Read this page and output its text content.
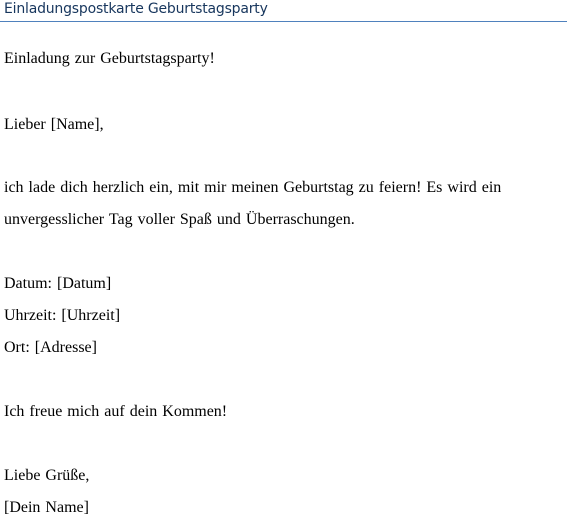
Einladungspostkarte Geburtstagsparty
Einladung zur Geburtstagsparty!
Lieber [Name],
ich lade dich herzlich ein, mit mir meinen Geburtstag zu feiern! Es wird ein
unvergesslicher Tag voller Spaß und Überraschungen.
Datum: [Datum]
Uhrzeit: [Uhrzeit]
Ort: [Adresse]
Ich freue mich auf dein Kommen!
Liebe Grüße,
[Dein Name]
